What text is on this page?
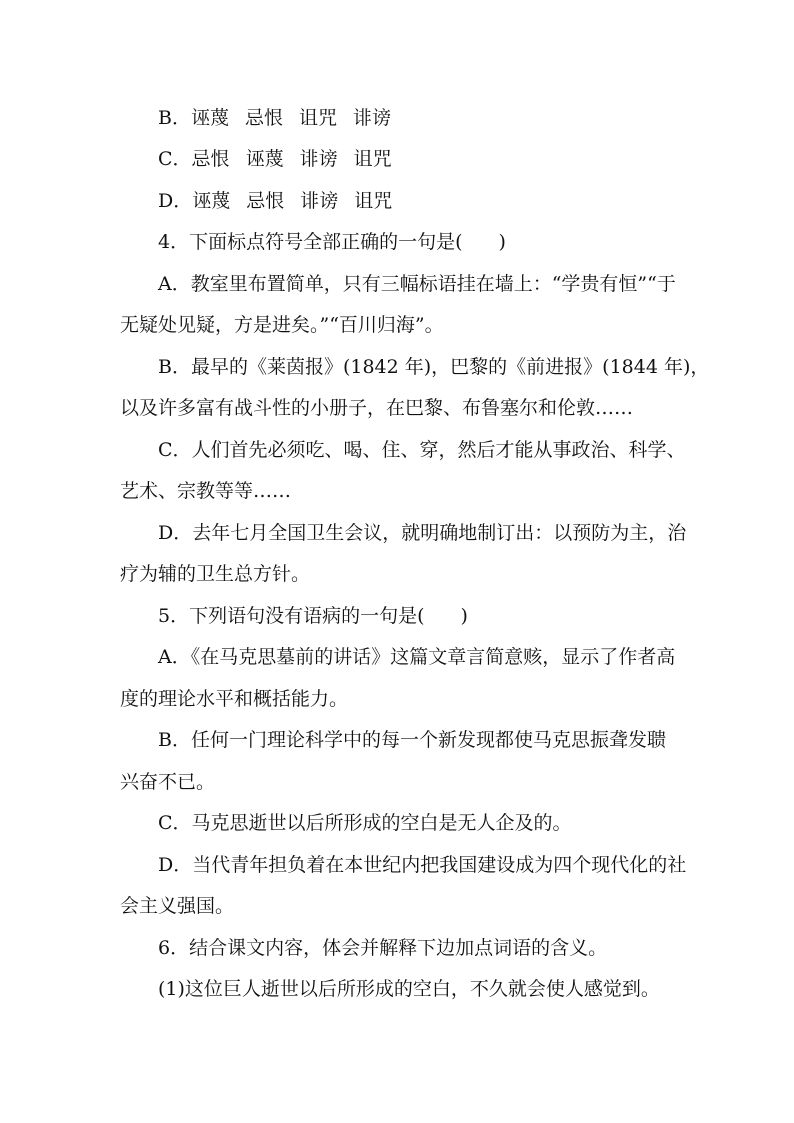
B．诬蔑 忌恨 诅咒 诽谤
C．忌恨 诬蔑 诽谤 诅咒
D．诬蔑 忌恨 诽谤 诅咒
4．下面标点符号全部正确的一句是( )
A．教室里布置简单，只有三幅标语挂在墙上：“学贵有恒”“于
无疑处见疑，方是进矣。”“百川归海”。
B．最早的《莱茵报》(1842 年)，巴黎的《前进报》(1844 年)，
以及许多富有战斗性的小册子，在巴黎、布鲁塞尔和伦敦……
C．人们首先必须吃、喝、住、穿，然后才能从事政治、科学、
艺术、宗教等等……
D．去年七月全国卫生会议，就明确地制订出：以预防为主，治
疗为辅的卫生总方针。
5．下列语句没有语病的一句是( )
A．《在马克思墓前的讲话》这篇文章言简意赅，显示了作者高
度的理论水平和概括能力。
B．任何一门理论科学中的每一个新发现都使马克思振聋发聩
兴奋不已。
C．马克思逝世以后所形成的空白是无人企及的。
D．当代青年担负着在本世纪内把我国建设成为四个现代化的社
会主义强国。
6．结合课文内容，体会并解释下边加点词语的含义。
(1)这位巨人逝世以后所形成的空白，不久就会使人感觉到。
